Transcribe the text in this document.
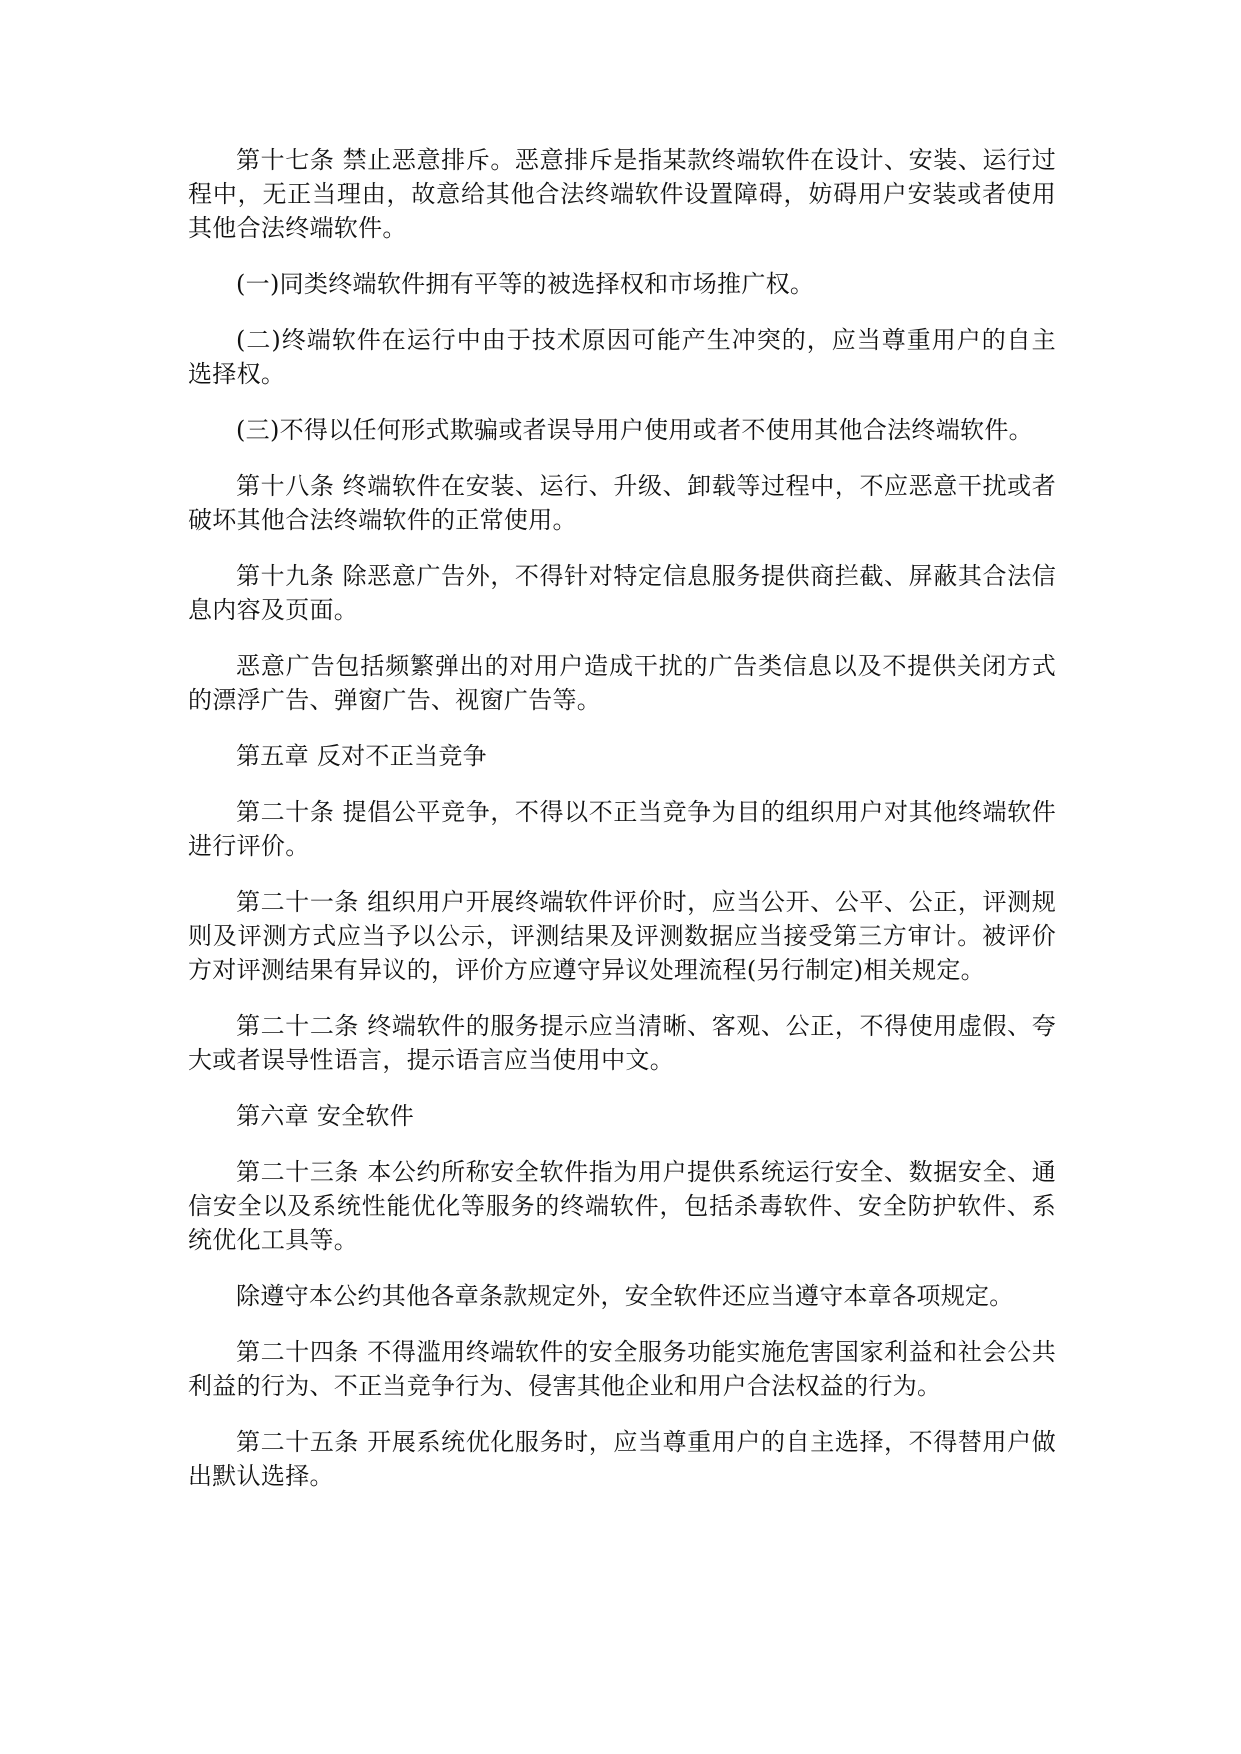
第十七条 禁止恶意排斥。恶意排斥是指某款终端软件在设计、安装、运行过程中，无正当理由，故意给其他合法终端软件设置障碍，妨碍用户安装或者使用其他合法终端软件。

(一)同类终端软件拥有平等的被选择权和市场推广权。

(二)终端软件在运行中由于技术原因可能产生冲突的，应当尊重用户的自主选择权。

(三)不得以任何形式欺骗或者误导用户使用或者不使用其他合法终端软件。

第十八条 终端软件在安装、运行、升级、卸载等过程中，不应恶意干扰或者破坏其他合法终端软件的正常使用。

第十九条 除恶意广告外，不得针对特定信息服务提供商拦截、屏蔽其合法信息内容及页面。

恶意广告包括频繁弹出的对用户造成干扰的广告类信息以及不提供关闭方式的漂浮广告、弹窗广告、视窗广告等。

第五章 反对不正当竞争

第二十条 提倡公平竞争，不得以不正当竞争为目的组织用户对其他终端软件进行评价。

第二十一条 组织用户开展终端软件评价时，应当公开、公平、公正，评测规则及评测方式应当予以公示，评测结果及评测数据应当接受第三方审计。被评价方对评测结果有异议的，评价方应遵守异议处理流程(另行制定)相关规定。

第二十二条 终端软件的服务提示应当清晰、客观、公正，不得使用虚假、夸大或者误导性语言，提示语言应当使用中文。

第六章 安全软件

第二十三条 本公约所称安全软件指为用户提供系统运行安全、数据安全、通信安全以及系统性能优化等服务的终端软件，包括杀毒软件、安全防护软件、系统优化工具等。

除遵守本公约其他各章条款规定外，安全软件还应当遵守本章各项规定。

第二十四条 不得滥用终端软件的安全服务功能实施危害国家利益和社会公共利益的行为、不正当竞争行为、侵害其他企业和用户合法权益的行为。

第二十五条 开展系统优化服务时，应当尊重用户的自主选择，不得替用户做出默认选择。
